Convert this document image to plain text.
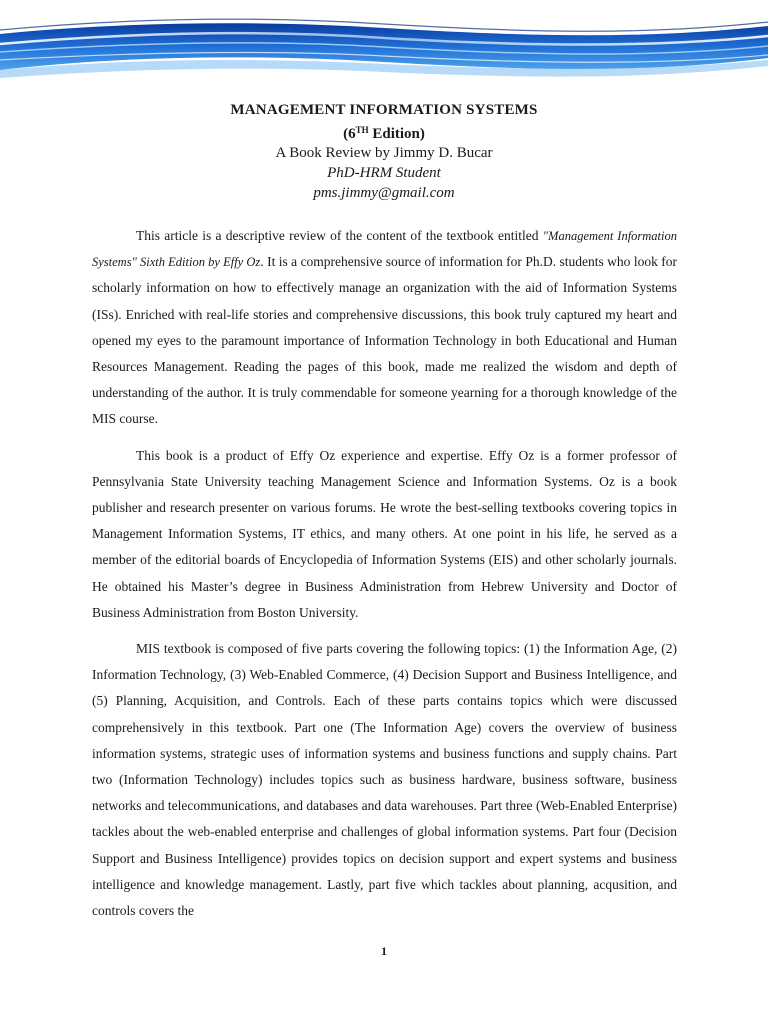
MANAGEMENT INFORMATION SYSTEMS
(6TH Edition)
A Book Review by Jimmy D. Bucar
PhD-HRM Student
pms.jimmy@gmail.com

This article is a descriptive review of the content of the textbook entitled "Management Information Systems" Sixth Edition by Effy Oz. It is a comprehensive source of information for Ph.D. students who look for scholarly information on how to effectively manage an organization with the aid of Information Systems (ISs). Enriched with real-life stories and comprehensive discussions, this book truly captured my heart and opened my eyes to the paramount importance of Information Technology in both Educational and Human Resources Management. Reading the pages of this book, made me realized the wisdom and depth of understanding of the author. It is truly commendable for someone yearning for a thorough knowledge of the MIS course.

This book is a product of Effy Oz experience and expertise. Effy Oz is a former professor of Pennsylvania State University teaching Management Science and Information Systems. Oz is a book publisher and research presenter on various forums. He wrote the best-selling textbooks covering topics in Management Information Systems, IT ethics, and many others. At one point in his life, he served as a member of the editorial boards of Encyclopedia of Information Systems (EIS) and other scholarly journals. He obtained his Master’s degree in Business Administration from Hebrew University and Doctor of Business Administration from Boston University.

MIS textbook is composed of five parts covering the following topics: (1) the Information Age, (2) Information Technology, (3) Web-Enabled Commerce, (4) Decision Support and Business Intelligence, and (5) Planning, Acquisition, and Controls. Each of these parts contains topics which were discussed comprehensively in this textbook. Part one (The Information Age) covers the overview of business information systems, strategic uses of information systems and business functions and supply chains. Part two (Information Technology) includes topics such as business hardware, business software, business networks and telecommunications, and databases and data warehouses. Part three (Web-Enabled Enterprise) tackles about the web-enabled enterprise and challenges of global information systems. Part four (Decision Support and Business Intelligence) provides topics on decision support and expert systems and business intelligence and knowledge management. Lastly, part five which tackles about planning, acqusition, and controls covers the

1
